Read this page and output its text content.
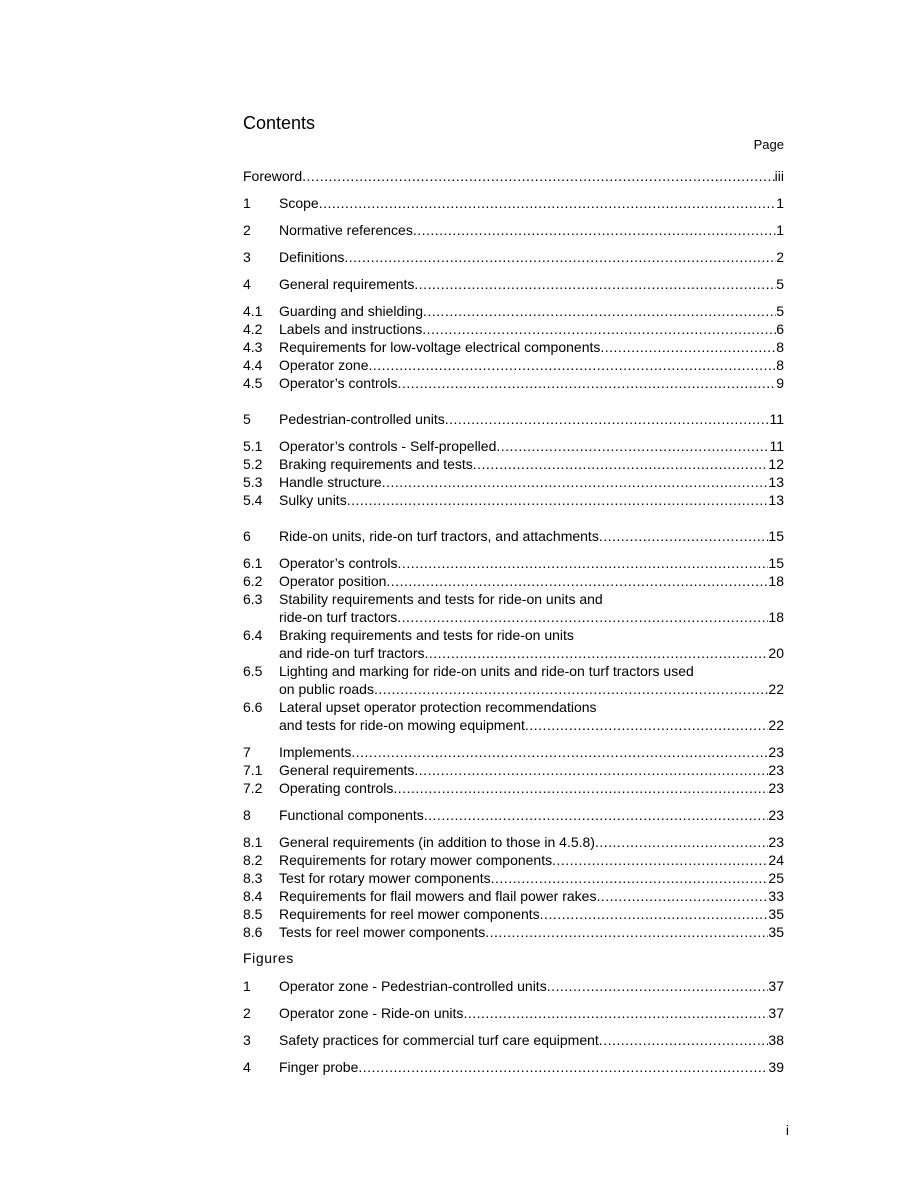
Contents
Page
Foreword .....	iii
1 Scope .....	1
2 Normative references .....	1
3 Definitions .....	2
4 General requirements .....	5
4.1 Guarding and shielding .....	5
4.2 Labels and instructions .....	6
4.3 Requirements for low-voltage electrical components .....	8
4.4 Operator zone .....	8
4.5 Operator’s controls .....	9
5 Pedestrian-controlled units .....	11
5.1 Operator’s controls - Self-propelled .....	11
5.2 Braking requirements and tests .....	12
5.3 Handle structure .....	13
5.4 Sulky units .....	13
6 Ride-on units, ride-on turf tractors, and attachments .....	15
6.1 Operator’s controls .....	15
6.2 Operator position .....	18
6.3 Stability requirements and tests for ride-on units and
ride-on turf tractors .....	18
6.4 Braking requirements and tests for ride-on units
and ride-on turf tractors .....	20
6.5 Lighting and marking for ride-on units and ride-on turf tractors used
on public roads .....	22
6.6 Lateral upset operator protection recommendations
and tests for ride-on mowing equipment .....	22
7 Implements .....	23
7.1 General requirements .....	23
7.2 Operating controls .....	23
8 Functional components .....	23
8.1 General requirements (in addition to those in 4.5.8) .....	23
8.2 Requirements for rotary mower components .....	24
8.3 Test for rotary mower components .....	25
8.4 Requirements for flail mowers and flail power rakes .....	33
8.5 Requirements for reel mower components .....	35
8.6 Tests for reel mower components .....	35
1 Operator zone - Pedestrian-controlled units .....	37
2 Operator zone - Ride-on units .....	37
3 Safety practices for commercial turf care equipment .....	38
4 Finger probe .....	39
Figures
i
